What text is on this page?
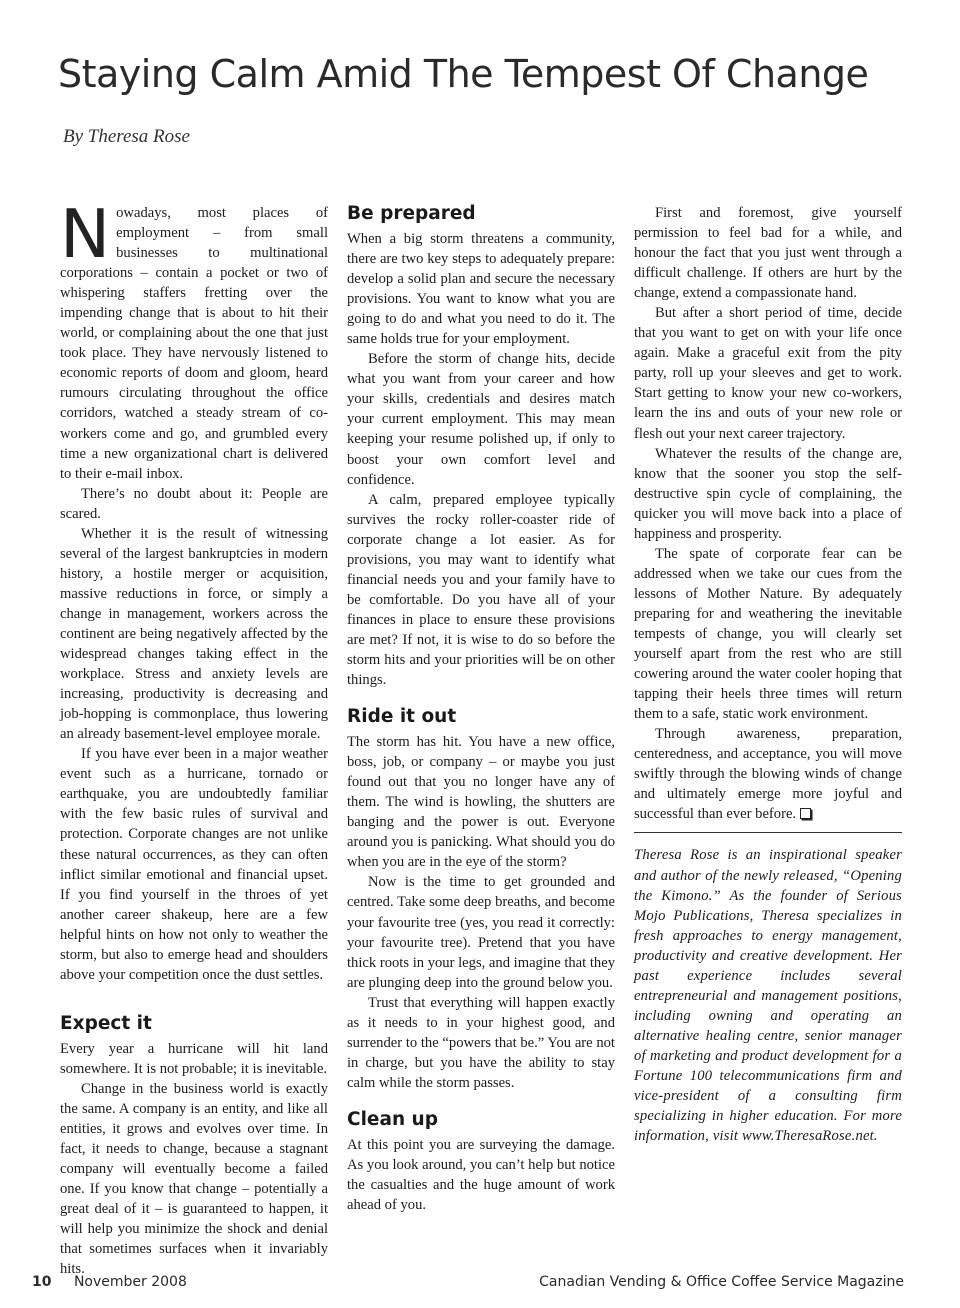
Staying Calm Amid The Tempest Of Change
By Theresa Rose

Nowadays, most places of employment – from small businesses to multinational corporations – contain a pocket or two of whispering staffers fretting over the impending change that is about to hit their world, or complaining about the one that just took place. They have nervously listened to economic reports of doom and gloom, heard rumours circulating throughout the office corridors, watched a steady stream of co-workers come and go, and grumbled every time a new organizational chart is delivered to their e-mail inbox.

There’s no doubt about it: People are scared.

Whether it is the result of witnessing several of the largest bankruptcies in modern history, a hostile merger or acquisition, massive reductions in force, or simply a change in management, workers across the continent are being negatively affected by the widespread changes taking effect in the workplace. Stress and anxiety levels are increasing, productivity is decreasing and job-hopping is commonplace, thus lowering an already basement-level employee morale.

If you have ever been in a major weather event such as a hurricane, tornado or earthquake, you are undoubtedly familiar with the few basic rules of survival and protection. Corporate changes are not unlike these natural occurrences, as they can often inflict similar emotional and financial upset. If you find yourself in the throes of yet another career shakeup, here are a few helpful hints on how not only to weather the storm, but also to emerge head and shoulders above your competition once the dust settles.

Expect it

Every year a hurricane will hit land somewhere. It is not probable; it is inevitable.

Change in the business world is exactly the same. A company is an entity, and like all entities, it grows and evolves over time. In fact, it needs to change, because a stagnant company will eventually become a failed one. If you know that change – potentially a great deal of it – is guaranteed to happen, it will help you minimize the shock and denial that sometimes surfaces when it invariably hits.

Be prepared

When a big storm threatens a community, there are two key steps to adequately prepare: develop a solid plan and secure the necessary provisions. You want to know what you are going to do and what you need to do it. The same holds true for your employment.

Before the storm of change hits, decide what you want from your career and how your skills, credentials and desires match your current employment. This may mean keeping your resume polished up, if only to boost your own comfort level and confidence.

A calm, prepared employee typically survives the rocky roller-coaster ride of corporate change a lot easier. As for provisions, you may want to identify what financial needs you and your family have to be comfortable. Do you have all of your finances in place to ensure these provisions are met? If not, it is wise to do so before the storm hits and your priorities will be on other things.

Ride it out

The storm has hit. You have a new office, boss, job, or company – or maybe you just found out that you no longer have any of them. The wind is howling, the shutters are banging and the power is out. Everyone around you is panicking. What should you do when you are in the eye of the storm?

Now is the time to get grounded and centred. Take some deep breaths, and become your favourite tree (yes, you read it correctly: your favourite tree). Pretend that you have thick roots in your legs, and imagine that they are plunging deep into the ground below you.

Trust that everything will happen exactly as it needs to in your highest good, and surrender to the “powers that be.” You are not in charge, but you have the ability to stay calm while the storm passes.

Clean up

At this point you are surveying the damage. As you look around, you can’t help but notice the casualties and the huge amount of work ahead of you.

First and foremost, give yourself permission to feel bad for a while, and honour the fact that you just went through a difficult challenge. If others are hurt by the change, extend a compassionate hand.

But after a short period of time, decide that you want to get on with your life once again. Make a graceful exit from the pity party, roll up your sleeves and get to work. Start getting to know your new co-workers, learn the ins and outs of your new role or flesh out your next career trajectory.

Whatever the results of the change are, know that the sooner you stop the self-destructive spin cycle of complaining, the quicker you will move back into a place of happiness and prosperity.

The spate of corporate fear can be addressed when we take our cues from the lessons of Mother Nature. By adequately preparing for and weathering the inevitable tempests of change, you will clearly set yourself apart from the rest who are still cowering around the water cooler hoping that tapping their heels three times will return them to a safe, static work environment.

Through awareness, preparation, centeredness, and acceptance, you will move swiftly through the blowing winds of change and ultimately emerge more joyful and successful than ever before.

Theresa Rose is an inspirational speaker and author of the newly released, “Opening the Kimono.” As the founder of Serious Mojo Publications, Theresa specializes in fresh approaches to energy management, productivity and creative development. Her past experience includes several entrepreneurial and management positions, including owning and operating an alternative healing centre, senior manager of marketing and product development for a Fortune 100 telecommunications firm and vice-president of a consulting firm specializing in higher education. For more information, visit www.TheresaRose.net.

10 November 2008	Canadian Vending & Office Coffee Service Magazine
